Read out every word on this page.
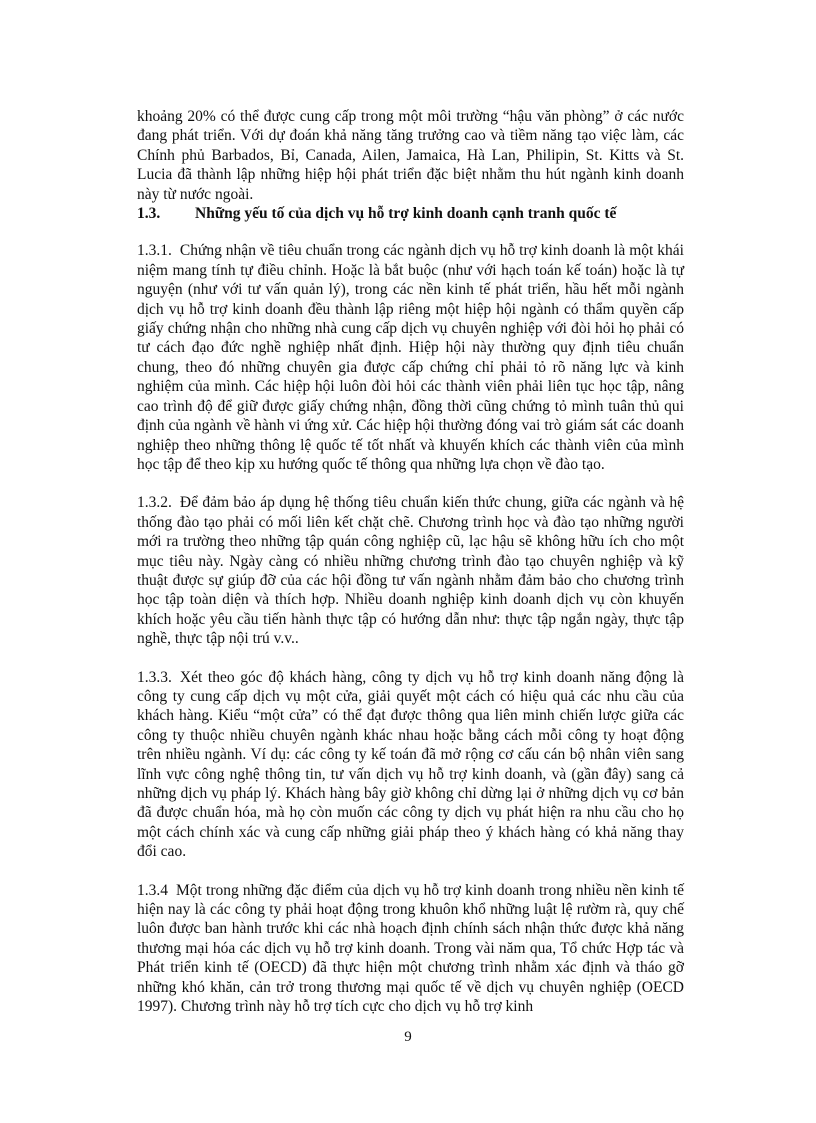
khoảng 20% có thể được cung cấp trong một môi trường “hậu văn phòng” ở các nước đang phát triển. Với dự đoán khả năng tăng trưởng cao và tiềm năng tạo việc làm, các Chính phủ Barbados, Bỉ, Canada, Ailen, Jamaica, Hà Lan, Philipin, St. Kitts và St. Lucia đã thành lập những hiệp hội phát triển đặc biệt nhằm thu hút ngành kinh doanh này từ nước ngoài.

1.3. Những yếu tố của dịch vụ hỗ trợ kinh doanh cạnh tranh quốc tế

1.3.1. Chứng nhận về tiêu chuẩn trong các ngành dịch vụ hỗ trợ kinh doanh là một khái niệm mang tính tự điều chỉnh. Hoặc là bắt buộc (như với hạch toán kế toán) hoặc là tự nguyện (như với tư vấn quản lý), trong các nền kinh tế phát triển, hầu hết mỗi ngành dịch vụ hỗ trợ kinh doanh đều thành lập riêng một hiệp hội ngành có thẩm quyền cấp giấy chứng nhận cho những nhà cung cấp dịch vụ chuyên nghiệp với đòi hỏi họ phải có tư cách đạo đức nghề nghiệp nhất định. Hiệp hội này thường quy định tiêu chuẩn chung, theo đó những chuyên gia được cấp chứng chỉ phải tỏ rõ năng lực và kinh nghiệm của mình. Các hiệp hội luôn đòi hỏi các thành viên phải liên tục học tập, nâng cao trình độ để giữ được giấy chứng nhận, đồng thời cũng chứng tỏ mình tuân thủ qui định của ngành về hành vi ứng xử. Các hiệp hội thường đóng vai trò giám sát các doanh nghiệp theo những thông lệ quốc tế tốt nhất và khuyến khích các thành viên của mình học tập để theo kịp xu hướng quốc tế thông qua những lựa chọn về đào tạo.

1.3.2. Để đảm bảo áp dụng hệ thống tiêu chuẩn kiến thức chung, giữa các ngành và hệ thống đào tạo phải có mối liên kết chặt chẽ. Chương trình học và đào tạo những người mới ra trường theo những tập quán công nghiệp cũ, lạc hậu sẽ không hữu ích cho một mục tiêu này. Ngày càng có nhiều những chương trình đào tạo chuyên nghiệp và kỹ thuật được sự giúp đỡ của các hội đồng tư vấn ngành nhằm đảm bảo cho chương trình học tập toàn diện và thích hợp. Nhiều doanh nghiệp kinh doanh dịch vụ còn khuyến khích hoặc yêu cầu tiến hành thực tập có hướng dẫn như: thực tập ngắn ngày, thực tập nghề, thực tập nội trú v.v..

1.3.3. Xét theo góc độ khách hàng, công ty dịch vụ hỗ trợ kinh doanh năng động là công ty cung cấp dịch vụ một cửa, giải quyết một cách có hiệu quả các nhu cầu của khách hàng. Kiểu “một cửa” có thể đạt được thông qua liên minh chiến lược giữa các công ty thuộc nhiều chuyên ngành khác nhau hoặc bằng cách mỗi công ty hoạt động trên nhiều ngành. Ví dụ: các công ty kế toán đã mở rộng cơ cấu cán bộ nhân viên sang lĩnh vực công nghệ thông tin, tư vấn dịch vụ hỗ trợ kinh doanh, và (gần đây) sang cả những dịch vụ pháp lý. Khách hàng bây giờ không chỉ dừng lại ở những dịch vụ cơ bản đã được chuẩn hóa, mà họ còn muốn các công ty dịch vụ phát hiện ra nhu cầu cho họ một cách chính xác và cung cấp những giải pháp theo ý khách hàng có khả năng thay đổi cao.

1.3.4 Một trong những đặc điểm của dịch vụ hỗ trợ kinh doanh trong nhiều nền kinh tế hiện nay là các công ty phải hoạt động trong khuôn khổ những luật lệ rườm rà, quy chế luôn được ban hành trước khi các nhà hoạch định chính sách nhận thức được khả năng thương mại hóa các dịch vụ hỗ trợ kinh doanh. Trong vài năm qua, Tổ chức Hợp tác và Phát triển kinh tế (OECD) đã thực hiện một chương trình nhằm xác định và tháo gỡ những khó khăn, cản trở trong thương mại quốc tế về dịch vụ chuyên nghiệp (OECD 1997). Chương trình này hỗ trợ tích cực cho dịch vụ hỗ trợ kinh

9
